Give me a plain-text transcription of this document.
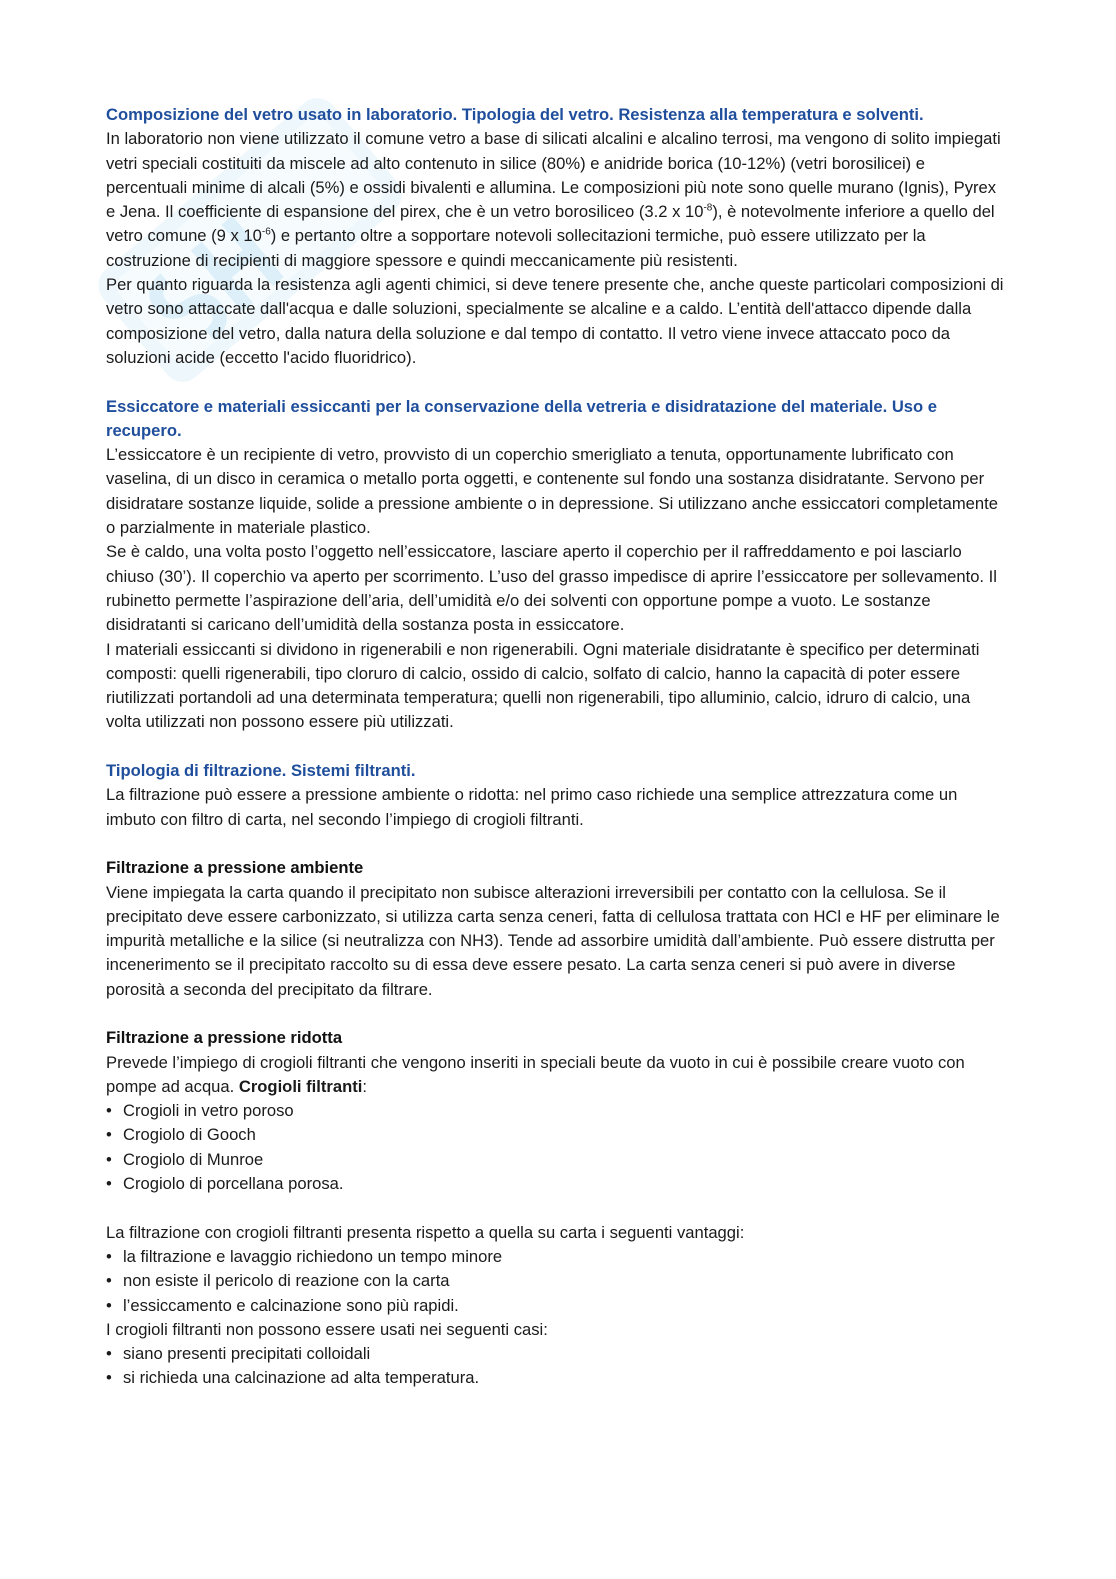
Composizione del vetro usato in laboratorio. Tipologia del vetro. Resistenza alla temperatura e solventi.

In laboratorio non viene utilizzato il comune vetro a base di silicati alcalini e alcalino terrosi, ma vengono di solito impiegati vetri speciali costituiti da miscele ad alto contenuto in silice (80%) e anidride borica (10-12%) (vetri borosilicei) e percentuali minime di alcali (5%) e ossidi bivalenti e allumina. Le composizioni più note sono quelle murano (Ignis), Pyrex e Jena. Il coefficiente di espansione del pirex, che è un vetro borosiliceo (3.2 x $10^{-8}$), è notevolmente inferiore a quello del vetro comune (9 x $10^{-6}$) e pertanto oltre a sopportare notevoli sollecitazioni termiche, può essere utilizzato per la costruzione di recipienti di maggiore spessore e quindi meccanicamente più resistenti.

Per quanto riguarda la resistenza agli agenti chimici, si deve tenere presente che, anche queste particolari composizioni di vetro sono attaccate dall'acqua e dalle soluzioni, specialmente se alcaline e a caldo. L’entità dell'attacco dipende dalla composizione del vetro, dalla natura della soluzione e dal tempo di contatto. Il vetro viene invece attaccato poco da soluzioni acide (eccetto l'acido fluoridrico).

Essiccatore e materiali essiccanti per la conservazione della vetreria e disidratazione del materiale. Uso e recupero.

L’essiccatore è un recipiente di vetro, provvisto di un coperchio smerigliato a tenuta, opportunamente lubrificato con vaselina, di un disco in ceramica o metallo porta oggetti, e contenente sul fondo una sostanza disidratante. Servono per disidratare sostanze liquide, solide a pressione ambiente o in depressione. Si utilizzano anche essiccatori completamente o parzialmente in materiale plastico.

Se è caldo, una volta posto l’oggetto nell’essiccatore, lasciare aperto il coperchio per il raffreddamento e poi lasciarlo chiuso (30’). Il coperchio va aperto per scorrimento. L’uso del grasso impedisce di aprire l’essiccatore per sollevamento. Il rubinetto permette l’aspirazione dell’aria, dell’umidità e/o dei solventi con opportune pompe a vuoto. Le sostanze disidratanti si caricano dell’umidità della sostanza posta in essiccatore.

I materiali essiccanti si dividono in rigenerabili e non rigenerabili. Ogni materiale disidratante è specifico per determinati composti: quelli rigenerabili, tipo cloruro di calcio, ossido di calcio, solfato di calcio, hanno la capacità di poter essere riutilizzati portandoli ad una determinata temperatura; quelli non rigenerabili, tipo alluminio, calcio, idruro di calcio, una volta utilizzati non possono essere più utilizzati.

Tipologia di filtrazione. Sistemi filtranti.

La filtrazione può essere a pressione ambiente o ridotta: nel primo caso richiede una semplice attrezzatura come un imbuto con filtro di carta, nel secondo l’impiego di crogioli filtranti.

Filtrazione a pressione ambiente

Viene impiegata la carta quando il precipitato non subisce alterazioni irreversibili per contatto con la cellulosa. Se il precipitato deve essere carbonizzato, si utilizza carta senza ceneri, fatta di cellulosa trattata con HCl e HF per eliminare le impurità metalliche e la silice (si neutralizza con NH3). Tende ad assorbire umidità dall’ambiente. Può essere distrutta per incenerimento se il precipitato raccolto su di essa deve essere pesato. La carta senza ceneri si può avere in diverse porosità a seconda del precipitato da filtrare.

Filtrazione a pressione ridotta

Prevede l’impiego di crogioli filtranti che vengono inseriti in speciali beute da vuoto in cui è possibile creare vuoto con pompe ad acqua. Crogioli filtranti:

• Crogioli in vetro poroso
• Crogiolo di Gooch
• Crogiolo di Munroe
• Crogiolo di porcellana porosa.

La filtrazione con crogioli filtranti presenta rispetto a quella su carta i seguenti vantaggi:

• la filtrazione e lavaggio richiedono un tempo minore
• non esiste il pericolo di reazione con la carta
• l’essiccamento e calcinazione sono più rapidi.

I crogioli filtranti non possono essere usati nei seguenti casi:

• siano presenti precipitati colloidali
• si richieda una calcinazione ad alta temperatura.
